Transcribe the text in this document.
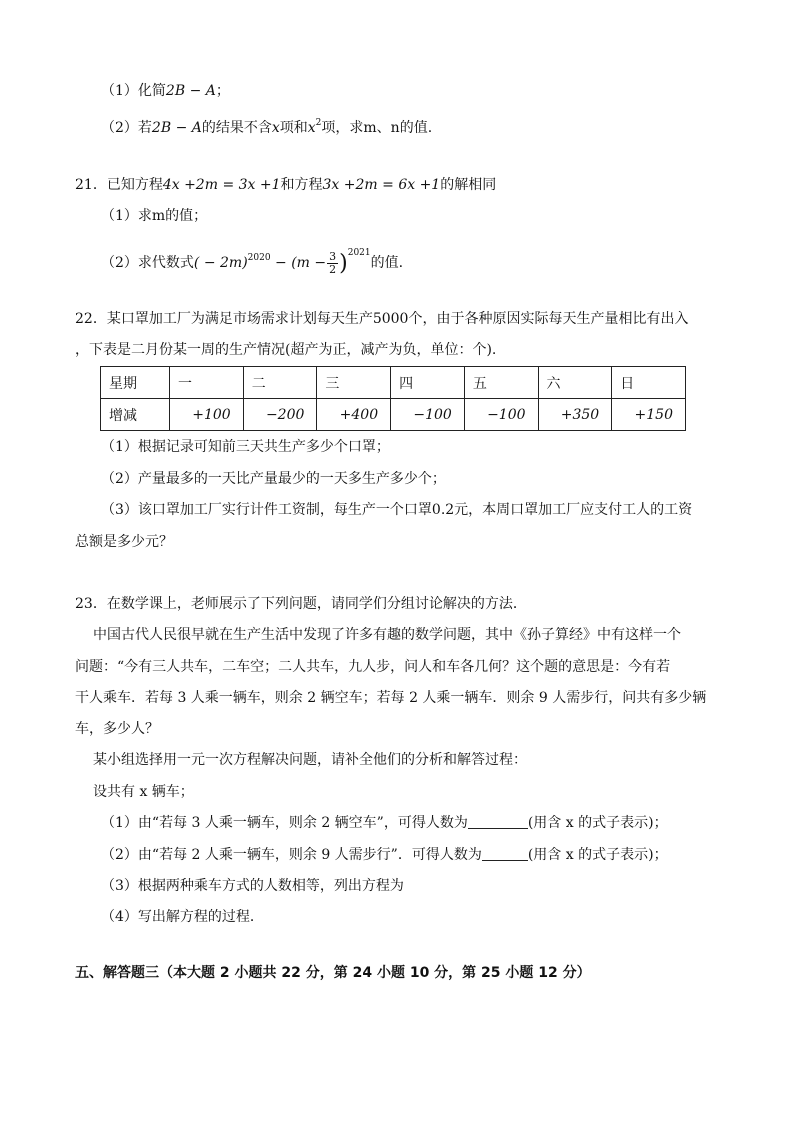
（1）化简2B − A；
（2）若2B − A的结果不含x项和$x^2$项，求m、n的值.
21．已知方程4x +2m = 3x +1和方程3x +2m = 6x +1的解相同
（1）求m的值；
（2）求代数式( − $2m)^{2020} - (m - \frac{3}{2} )^{2021}$的值.
22．某口罩加工厂为满足市场需求计划每天生产5000个，由于各种原因实际每天生产量相比有出入
，下表是二月份某一周的生产情况(超产为正，减产为负，单位：个).
星期	一	二	三	四	五	六	日
增减	+100	−200	+400	−100	−100	+350	+150
（1）根据记录可知前三天共生产多少个口罩；
（2）产量最多的一天比产量最少的一天多生产多少个；
（3）该口罩加工厂实行计件工资制，每生产一个口罩0.2元，本周口罩加工厂应支付工人的工资
总额是多少元？
23．在数学课上，老师展示了下列问题，请同学们分组讨论解决的方法．
中国古代人民很早就在生产生活中发现了许多有趣的数学问题，其中《孙子算经》中有这样一个
问题：“今有三人共车，二车空；二人共车，九人步，问人和车各几何？这个题的意思是：今有若
干人乘车．若每 3 人乘一辆车，则余 2 辆空车；若每 2 人乘一辆车．则余 9 人需步行，问共有多少辆
车，多少人？
某小组选择用一元一次方程解决问题，请补全他们的分析和解答过程：
设共有 x 辆车；
（1）由“若每 3 人乘一辆车，则余 2 辆空车”，可得人数为	(用含 x 的式子表示)；
（2）由“若每 2 人乘一辆车，则余 9 人需步行”．可得人数为	(用含 x 的式子表示)；
（3）根据两种乘车方式的人数相等，列出方程为
（4）写出解方程的过程．
五、解答题三（本大题 2 小题共 22 分，第 24 小题 10 分，第 25 小题 12 分）
